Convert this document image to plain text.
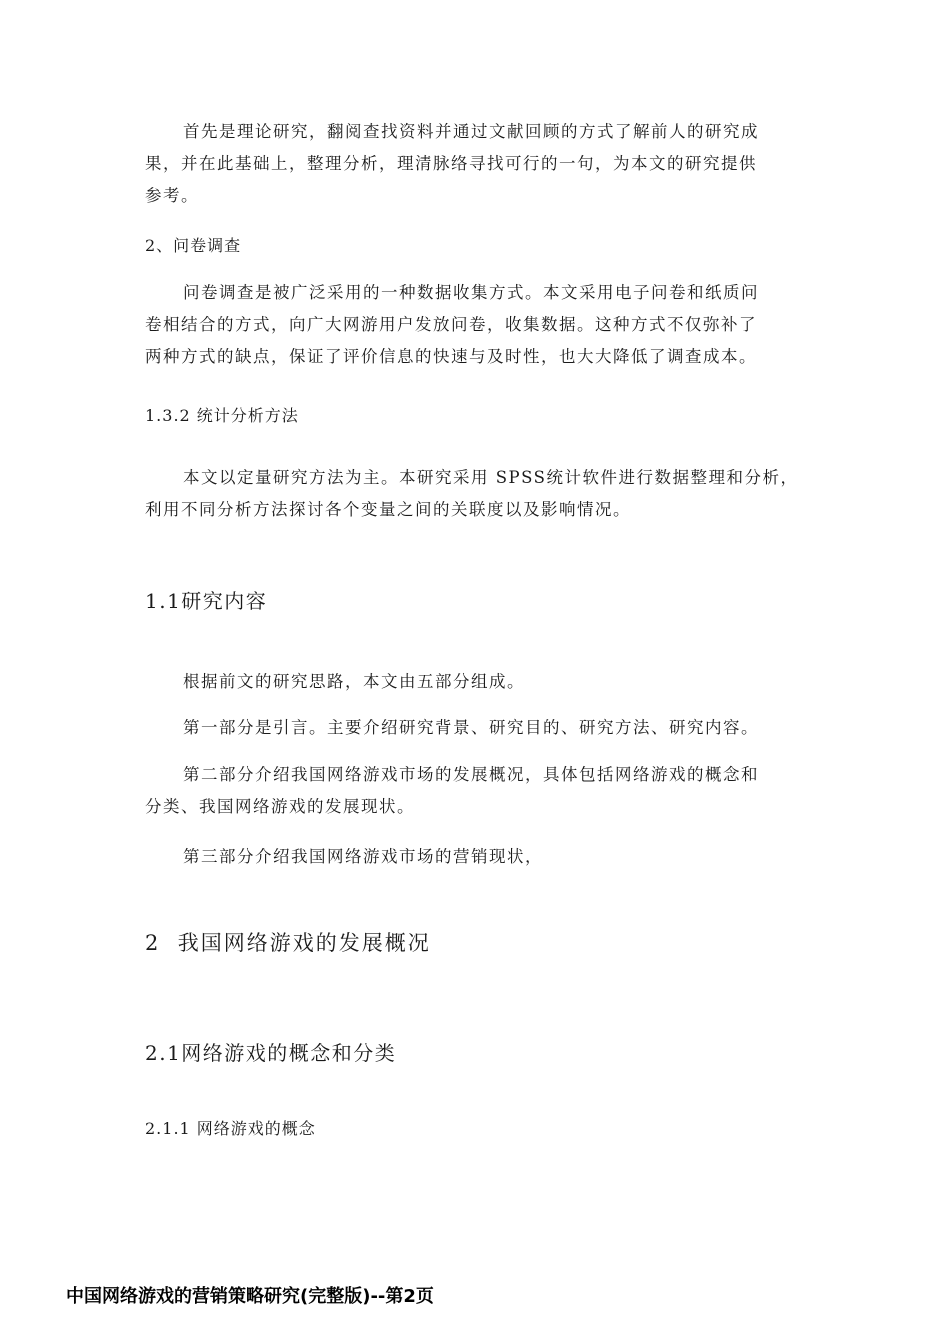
首先是理论研究，翻阅查找资料并通过文献回顾的方式了解前人的研究成
果，并在此基础上，整理分析，理清脉络寻找可行的一句，为本文的研究提供
参考。
2、问卷调查
问卷调查是被广泛采用的一种数据收集方式。本文采用电子问卷和纸质问
卷相结合的方式，向广大网游用户发放问卷，收集数据。这种方式不仅弥补了
两种方式的缺点，保证了评价信息的快速与及时性，也大大降低了调查成本。
1.3.2 统计分析方法
本文以定量研究方法为主。本研究采用 SPSS统计软件进行数据整理和分析，
利用不同分析方法探讨各个变量之间的关联度以及影响情况。
1.1研究内容
根据前文的研究思路，本文由五部分组成。
第一部分是引言。主要介绍研究背景、研究目的、研究方法、研究内容。
第二部分介绍我国网络游戏市场的发展概况，具体包括网络游戏的概念和
分类、我国网络游戏的发展现状。
第三部分介绍我国网络游戏市场的营销现状，
2  我国网络游戏的发展概况
2.1网络游戏的概念和分类
2.1.1 网络游戏的概念
中国网络游戏的营销策略研究(完整版)--第2页
